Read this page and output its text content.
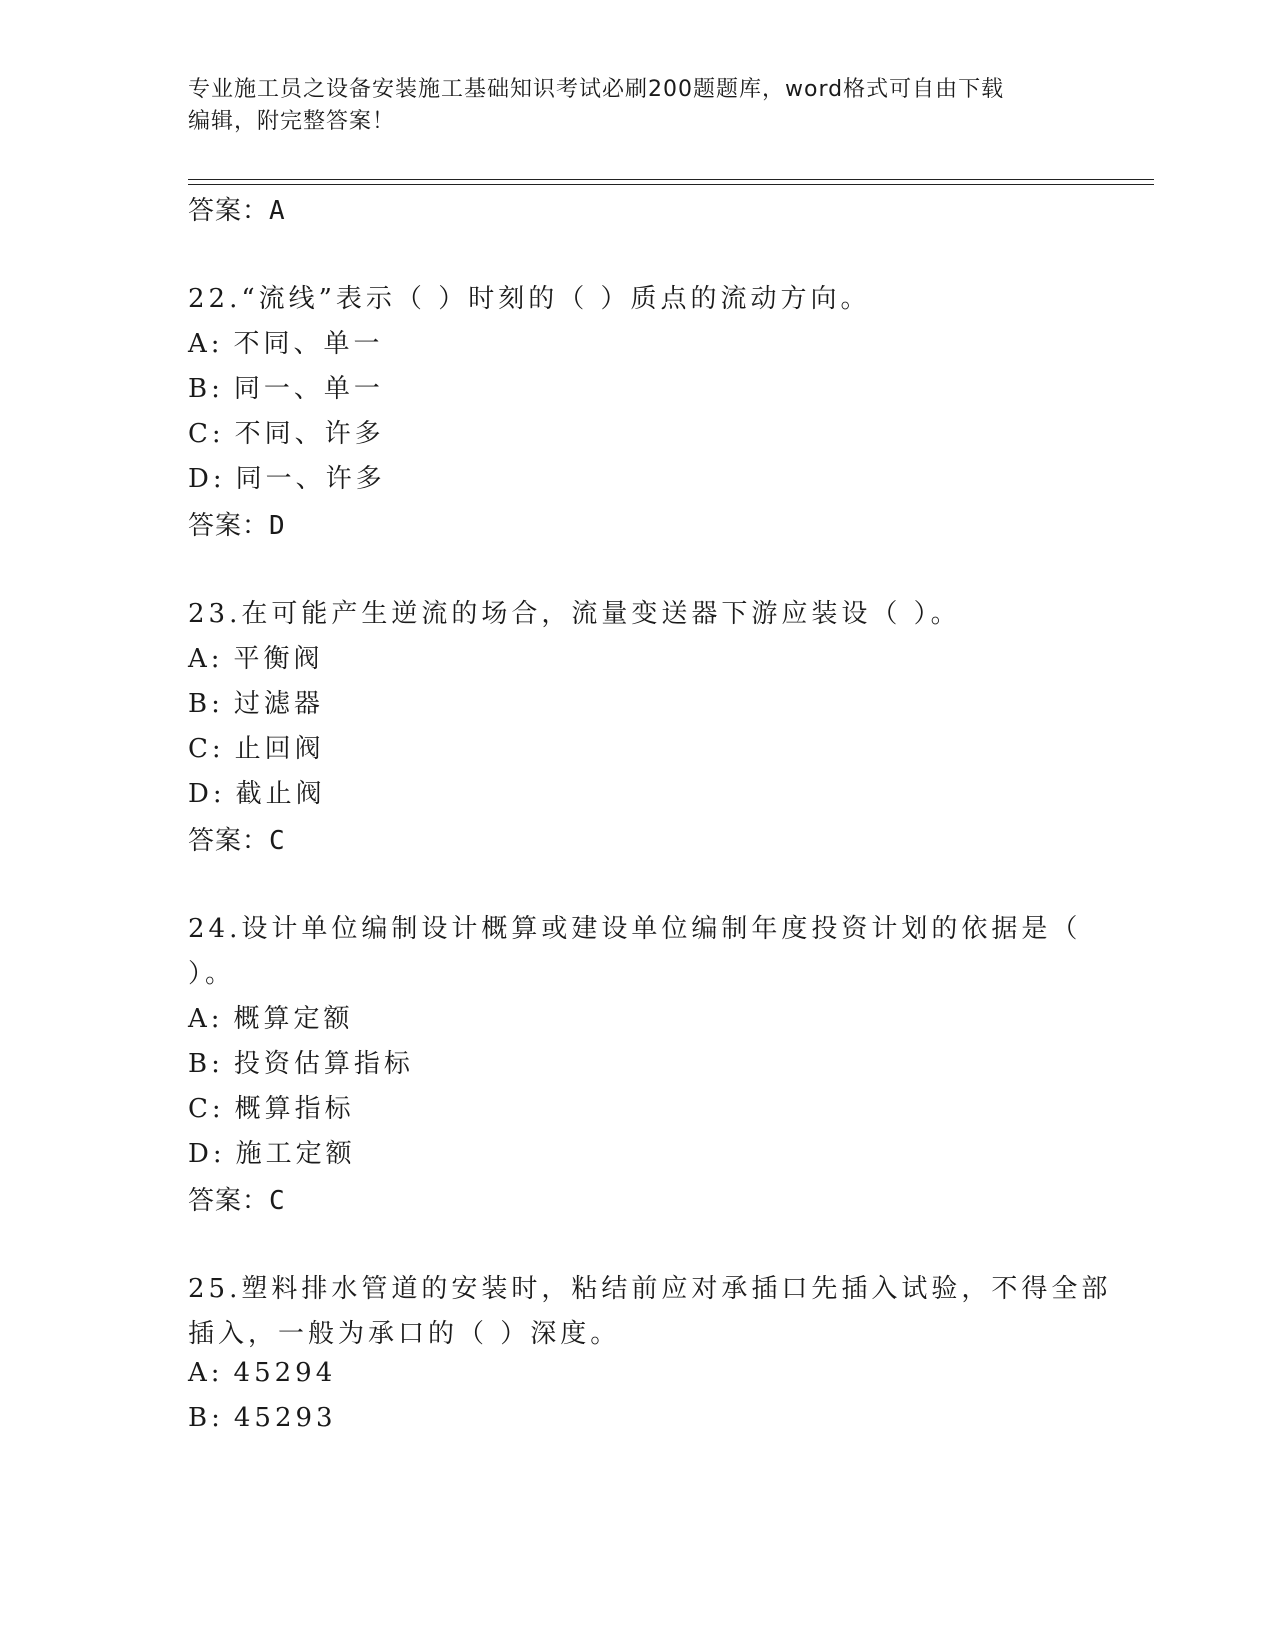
专业施工员之设备安装施工基础知识考试必刷200题题库，word格式可自由下载
编辑，附完整答案！
答案：A
22.“流线”表示（ ）时刻的（ ）质点的流动方向。
A: 不同、单一
B: 同一、单一
C: 不同、许多
D: 同一、许多
答案：D
23.在可能产生逆流的场合，流量变送器下游应装设（ ）。
A: 平衡阀
B: 过滤器
C: 止回阀
D: 截止阀
答案：C
24.设计单位编制设计概算或建设单位编制年度投资计划的依据是（
）。
A: 概算定额
B: 投资估算指标
C: 概算指标
D: 施工定额
答案：C
25.塑料排水管道的安装时，粘结前应对承插口先插入试验，不得全部
插入，一般为承口的（ ）深度。
A: 45294
B: 45293
